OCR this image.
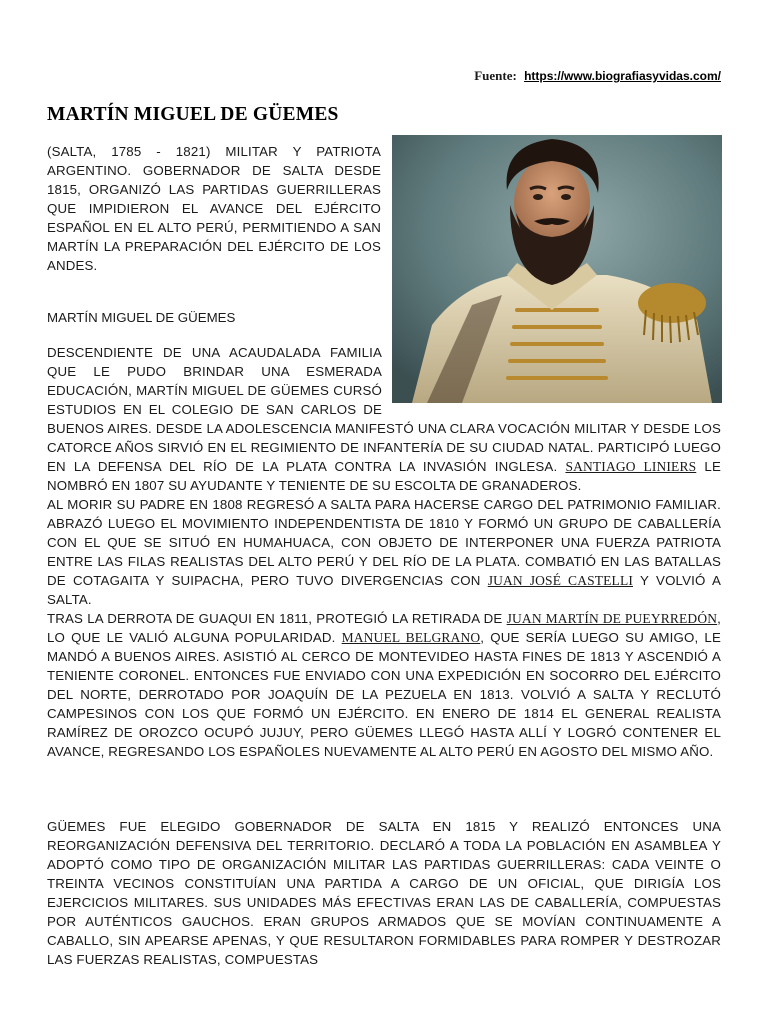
Fuente: https://www.biografiasyvidas.com/
MARTÍN MIGUEL DE GÜEMES

(SALTA, 1785 - 1821) MILITAR Y PATRIOTA ARGENTINO. GOBERNADOR DE SALTA DESDE 1815, ORGANIZÓ LAS PARTIDAS GUERRILLERAS QUE IMPIDIERON EL AVANCE DEL EJÉRCITO ESPAÑOL EN EL ALTO PERÚ, PERMITIENDO A SAN MARTÍN LA PREPARACIÓN DEL EJÉRCITO DE LOS ANDES.

MARTÍN MIGUEL DE GÜEMES

DESCENDIENTE DE UNA ACAUDALADA FAMILIA QUE LE PUDO BRINDAR UNA ESMERADA EDUCACIÓN, MARTÍN MIGUEL DE GÜEMES CURSÓ ESTUDIOS EN EL COLEGIO DE SAN CARLOS DE BUENOS AIRES. DESDE LA ADOLESCENCIA MANIFESTÓ UNA CLARA VOCACIÓN MILITAR Y DESDE LOS CATORCE AÑOS SIRVIÓ EN EL REGIMIENTO DE INFANTERÍA DE SU CIUDAD NATAL. PARTICIPÓ LUEGO EN LA DEFENSA DEL RÍO DE LA PLATA CONTRA LA INVASIÓN INGLESA. SANTIAGO LINIERS LE NOMBRÓ EN 1807 SU AYUDANTE Y TENIENTE DE SU ESCOLTA DE GRANADEROS.

AL MORIR SU PADRE EN 1808 REGRESÓ A SALTA PARA HACERSE CARGO DEL PATRIMONIO FAMILIAR. ABRAZÓ LUEGO EL MOVIMIENTO INDEPENDENTISTA DE 1810 Y FORMÓ UN GRUPO DE CABALLERÍA CON EL QUE SE SITUÓ EN HUMAHUACA, CON OBJETO DE INTERPONER UNA FUERZA PATRIOTA ENTRE LAS FILAS REALISTAS DEL ALTO PERÚ Y DEL RÍO DE LA PLATA. COMBATIÓ EN LAS BATALLAS DE COTAGAITA Y SUIPACHA, PERO TUVO DIVERGENCIAS CON JUAN JOSÉ CASTELLI Y VOLVIÓ A SALTA.

TRAS LA DERROTA DE GUAQUI EN 1811, PROTEGIÓ LA RETIRADA DE JUAN MARTÍN DE PUEYRREDÓN, LO QUE LE VALIÓ ALGUNA POPULARIDAD. MANUEL BELGRANO, QUE SERÍA LUEGO SU AMIGO, LE MANDÓ A BUENOS AIRES. ASISTIÓ AL CERCO DE MONTEVIDEO HASTA FINES DE 1813 Y ASCENDIÓ A TENIENTE CORONEL. ENTONCES FUE ENVIADO CON UNA EXPEDICIÓN EN SOCORRO DEL EJÉRCITO DEL NORTE, DERROTADO POR JOAQUÍN DE LA PEZUELA EN 1813. VOLVIÓ A SALTA Y RECLUTÓ CAMPESINOS CON LOS QUE FORMÓ UN EJÉRCITO. EN ENERO DE 1814 EL GENERAL REALISTA RAMÍREZ DE OROZCO OCUPÓ JUJUY, PERO GÜEMES LLEGÓ HASTA ALLÍ Y LOGRÓ CONTENER EL AVANCE, REGRESANDO LOS ESPAÑOLES NUEVAMENTE AL ALTO PERÚ EN AGOSTO DEL MISMO AÑO.

GÜEMES FUE ELEGIDO GOBERNADOR DE SALTA EN 1815 Y REALIZÓ ENTONCES UNA REORGANIZACIÓN DEFENSIVA DEL TERRITORIO. DECLARÓ A TODA LA POBLACIÓN EN ASAMBLEA Y ADOPTÓ COMO TIPO DE ORGANIZACIÓN MILITAR LAS PARTIDAS GUERRILLERAS: CADA VEINTE O TREINTA VECINOS CONSTITUÍAN UNA PARTIDA A CARGO DE UN OFICIAL, QUE DIRIGÍA LOS EJERCICIOS MILITARES. SUS UNIDADES MÁS EFECTIVAS ERAN LAS DE CABALLERÍA, COMPUESTAS POR AUTÉNTICOS GAUCHOS. ERAN GRUPOS ARMADOS QUE SE MOVÍAN CONTINUAMENTE A CABALLO, SIN APEARSE APENAS, Y QUE RESULTARON FORMIDABLES PARA ROMPER Y DESTROZAR LAS FUERZAS REALISTAS, COMPUESTAS
